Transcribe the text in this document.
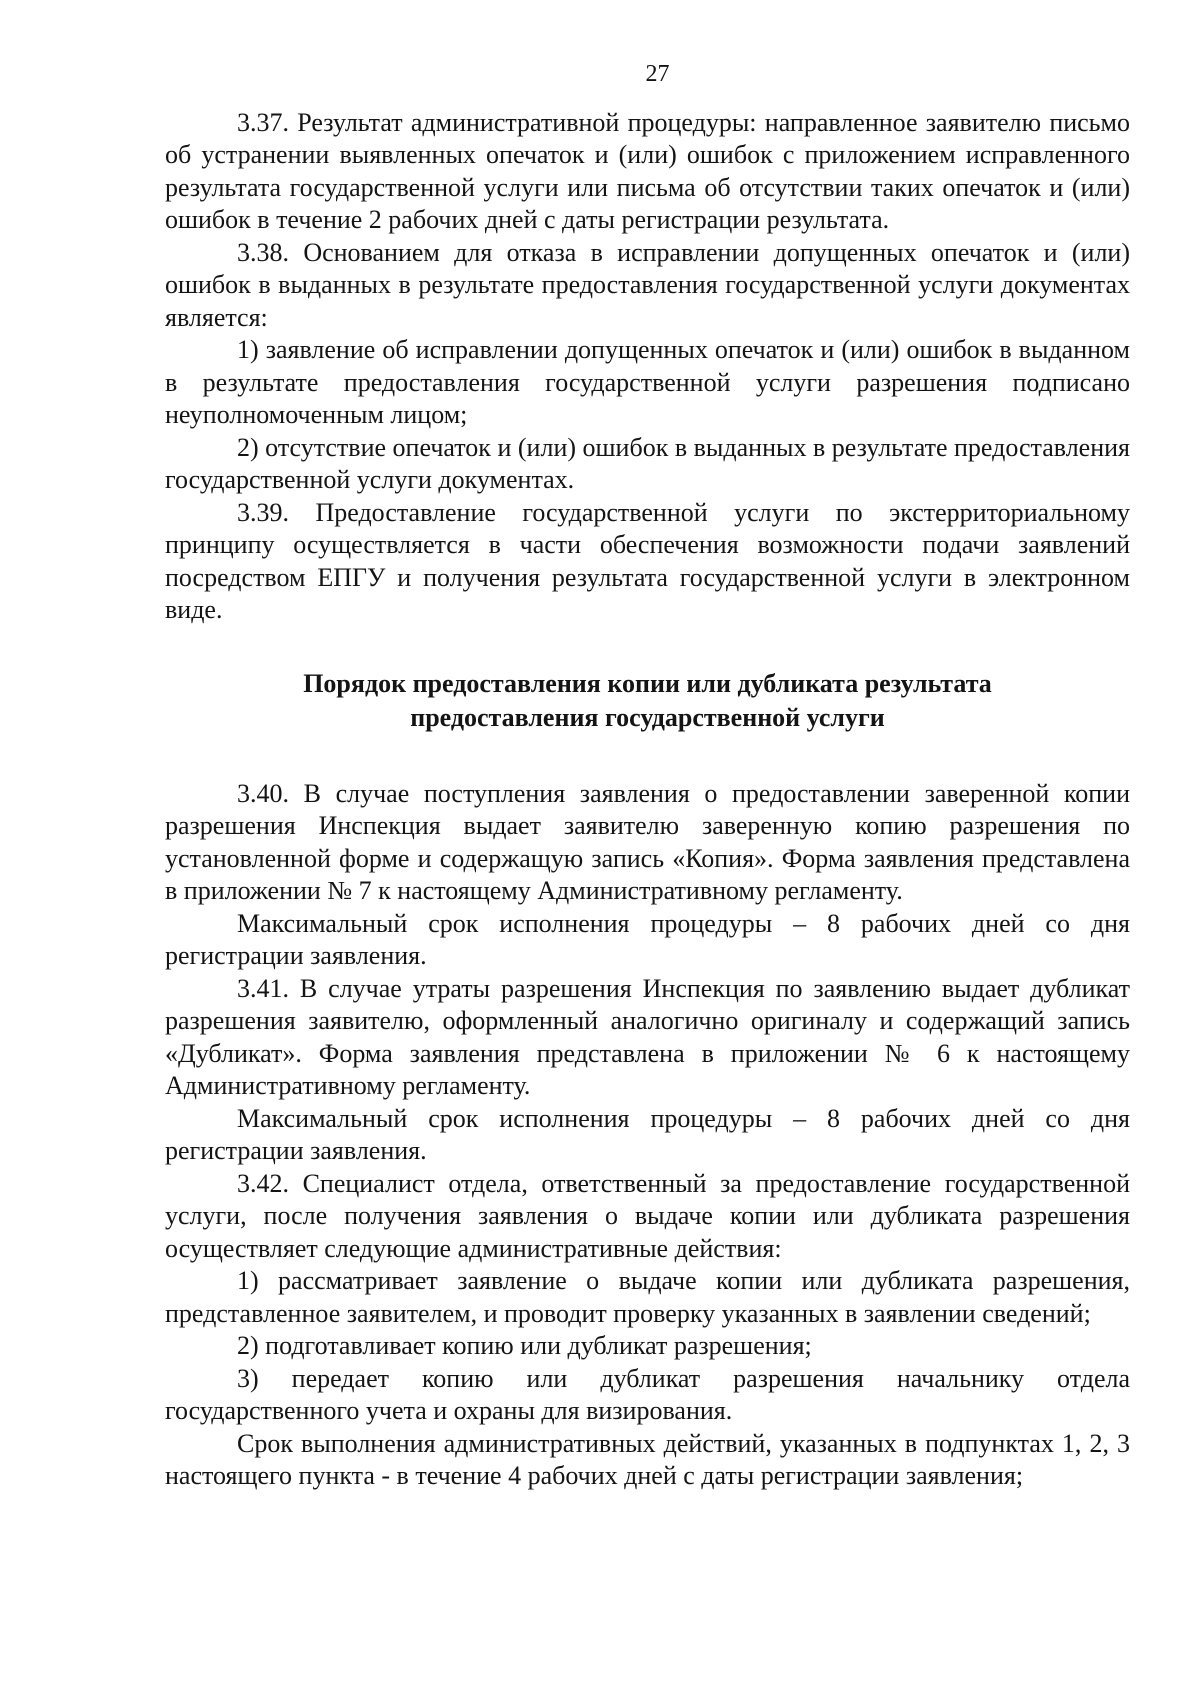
27

3.37. Результат административной процедуры: направленное заявителю письмо об устранении выявленных опечаток и (или) ошибок с приложением исправленного результата государственной услуги или письма об отсутствии таких опечаток и (или) ошибок в течение 2 рабочих дней с даты регистрации результата.

3.38. Основанием для отказа в исправлении допущенных опечаток и (или) ошибок в выданных в результате предоставления государственной услуги документах является:

1) заявление об исправлении допущенных опечаток и (или) ошибок в выданном в результате предоставления государственной услуги разрешения подписано неуполномоченным лицом;

2) отсутствие опечаток и (или) ошибок в выданных в результате предоставления государственной услуги документах.

3.39. Предоставление государственной услуги по экстерриториальному принципу осуществляется в части обеспечения возможности подачи заявлений посредством ЕПГУ и получения результата государственной услуги в электронном виде.

Порядок предоставления копии или дубликата результата
предоставления государственной услуги

3.40. В случае поступления заявления о предоставлении заверенной копии разрешения Инспекция выдает заявителю заверенную копию разрешения по установленной форме и содержащую запись «Копия». Форма заявления представлена в приложении № 7 к настоящему Административному регламенту.

Максимальный срок исполнения процедуры – 8 рабочих дней со дня регистрации заявления.

3.41. В случае утраты разрешения Инспекция по заявлению выдает дубликат разрешения заявителю, оформленный аналогично оригиналу и содержащий запись «Дубликат». Форма заявления представлена в приложении № 6 к настоящему Административному регламенту.

Максимальный срок исполнения процедуры – 8 рабочих дней со дня регистрации заявления.

3.42. Специалист отдела, ответственный за предоставление государственной услуги, после получения заявления о выдаче копии или дубликата разрешения осуществляет следующие административные действия:

1) рассматривает заявление о выдаче копии или дубликата разрешения, представленное заявителем, и проводит проверку указанных в заявлении сведений;

2) подготавливает копию или дубликат разрешения;

3) передает копию или дубликат разрешения начальнику отдела государственного учета и охраны для визирования.

Срок выполнения административных действий, указанных в подпунктах 1, 2, 3 настоящего пункта - в течение 4 рабочих дней с даты регистрации заявления;
